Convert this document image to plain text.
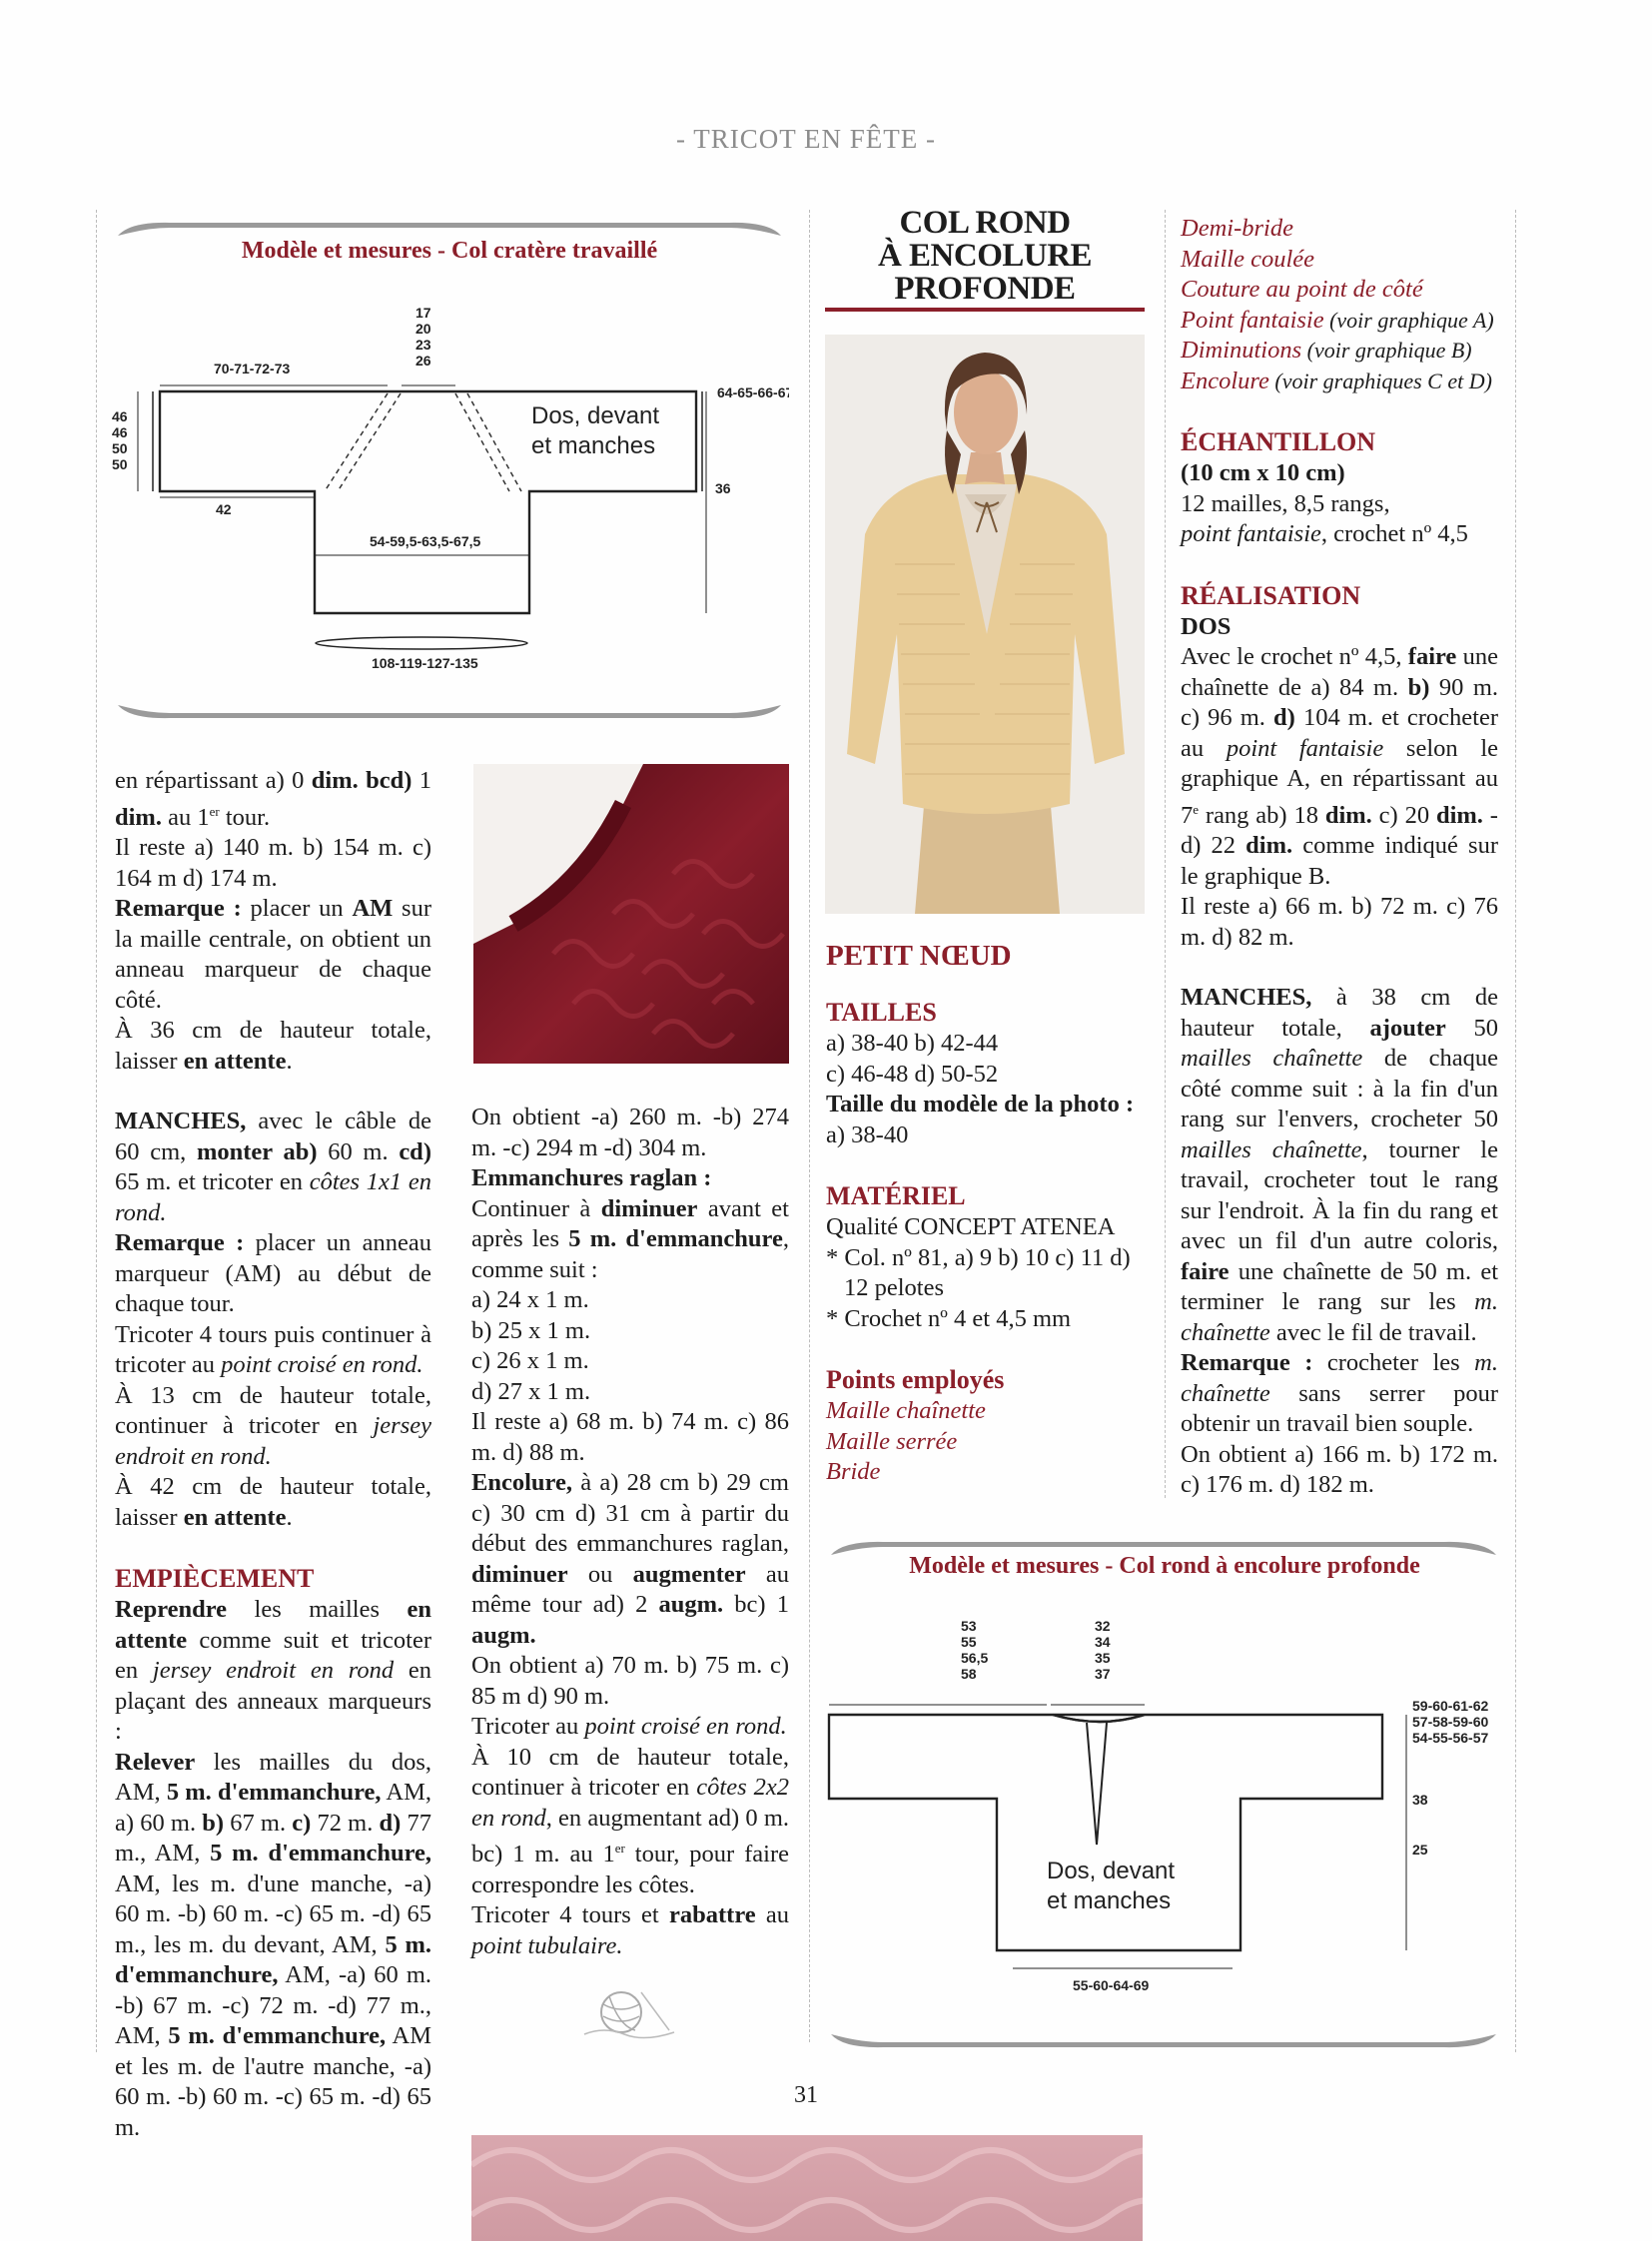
- TRICOT EN FÊTE -
70-71-72-73
17
20
23
26
46
46
50
50
42
54-59,5-63,5-67,5
108-119-127-135
64-65-66-67
36
Dos, devant
et manches
Modèle et mesures - Col cratère travaillé

en répartissant a) 0 dim. bcd) 1 dim. au 1er tour.

Il reste a) 140 m. b) 154 m. c) 164 m d) 174 m.

Remarque : placer un AM sur la maille centrale, on obtient un anneau marqueur de chaque côté.

À 36 cm de hauteur totale, laisser en attente.

MANCHES, avec le câble de 60 cm, monter ab) 60 m. cd) 65 m. et tricoter en côtes 1x1 en rond.

Remarque : placer un anneau marqueur (AM) au début de chaque tour.

Tricoter 4 tours puis continuer à tricoter au point croisé en rond.

À 13 cm de hauteur totale, continuer à tricoter en jersey endroit en rond.

À 42 cm de hauteur totale, laisser en attente.

EMPIÈCEMENT

Reprendre les mailles en attente comme suit et tricoter en jersey endroit en rond en plaçant des anneaux marqueurs :

Relever les mailles du dos, AM, 5 m. d'emmanchure, AM, a) 60 m. b) 67 m. c) 72 m. d) 77 m., AM, 5 m. d'emmanchure, AM, les m. d'une manche, -a) 60 m. -b) 60 m. -c) 65 m. -d) 65 m., les m. du devant, AM, 5 m. d'emmanchure, AM, -a) 60 m. -b) 67 m. -c) 72 m. -d) 77 m., AM, 5 m. d'emmanchure, AM et les m. de l'autre manche, -a) 60 m. -b) 60 m. -c) 65 m. -d) 65 m.

On obtient -a) 260 m. -b) 274 m. -c) 294 m -d) 304 m.

Emmanchures raglan :

Continuer à diminuer avant et après les 5 m. d'emmanchure, comme suit :

a) 24 x 1 m.

b) 25 x 1 m.

c) 26 x 1 m.

d) 27 x 1 m.

Il reste a) 68 m. b) 74 m. c) 86 m. d) 88 m.

Encolure, à a) 28 cm b) 29 cm c) 30 cm d) 31 cm à partir du début des emmanchures raglan, diminuer ou augmenter au même tour ad) 2 augm. bc) 1 augm.

On obtient a) 70 m. b) 75 m. c) 85 m d) 90 m.

Tricoter au point croisé en rond.

À 10 cm de hauteur totale, continuer à tricoter en côtes 2x2 en rond, en augmentant ad) 0 m. bc) 1 m. au 1er tour, pour faire correspondre les côtes.

Tricoter 4 tours et rabattre au point tubulaire.

COL ROND
À ENCOLURE
PROFONDE

PETIT NŒUD

TAILLES

a) 38-40 b) 42-44

c) 46-48 d) 50-52

Taille du modèle de la photo :

a) 38-40

MATÉRIEL

Qualité CONCEPT ATENEA

* Col. nº 81, a) 9 b) 10 c) 11 d) 12 pelotes

* Crochet nº 4 et 4,5 mm

Points employés

Maille chaînette

Maille serrée

Bride

Demi-bride

Maille coulée

Couture au point de côté

Point fantaisie (voir graphique A)

Diminutions (voir graphique B)

Encolure (voir graphiques C et D)

ÉCHANTILLON

(10 cm x 10 cm)

12 mailles, 8,5 rangs,

point fantaisie, crochet nº 4,5

RÉALISATION

DOS

Avec le crochet nº 4,5, faire une chaînette de a) 84 m. b) 90 m. c) 96 m. d) 104 m. et crocheter au point fantaisie selon le graphique A, en répartissant au 7e rang ab) 18 dim. c) 20 dim. -d) 22 dim. comme indiqué sur le graphique B.

Il reste a) 66 m. b) 72 m. c) 76 m. d) 82 m.

MANCHES, à 38 cm de hauteur totale, ajouter 50 mailles chaînette de chaque côté comme suit : à la fin d'un rang sur l'envers, crocheter 50 mailles chaînette, tourner le travail, crocheter tout le rang sur l'endroit. À la fin du rang et avec un fil d'un autre coloris, faire une chaînette de 50 m. et terminer le rang sur les m. chaînette avec le fil de travail.

Remarque : crocheter les m. chaînette sans serrer pour obtenir un travail bien souple.

On obtient a) 166 m. b) 172 m. c) 176 m. d) 182 m.

53
55
56,5
58
32
34
35
37
59-60-61-62
57-58-59-60
54-55-56-57
38
25
55-60-64-69
Dos, devant
et manches
Modèle et mesures - Col rond à encolure profonde
31
